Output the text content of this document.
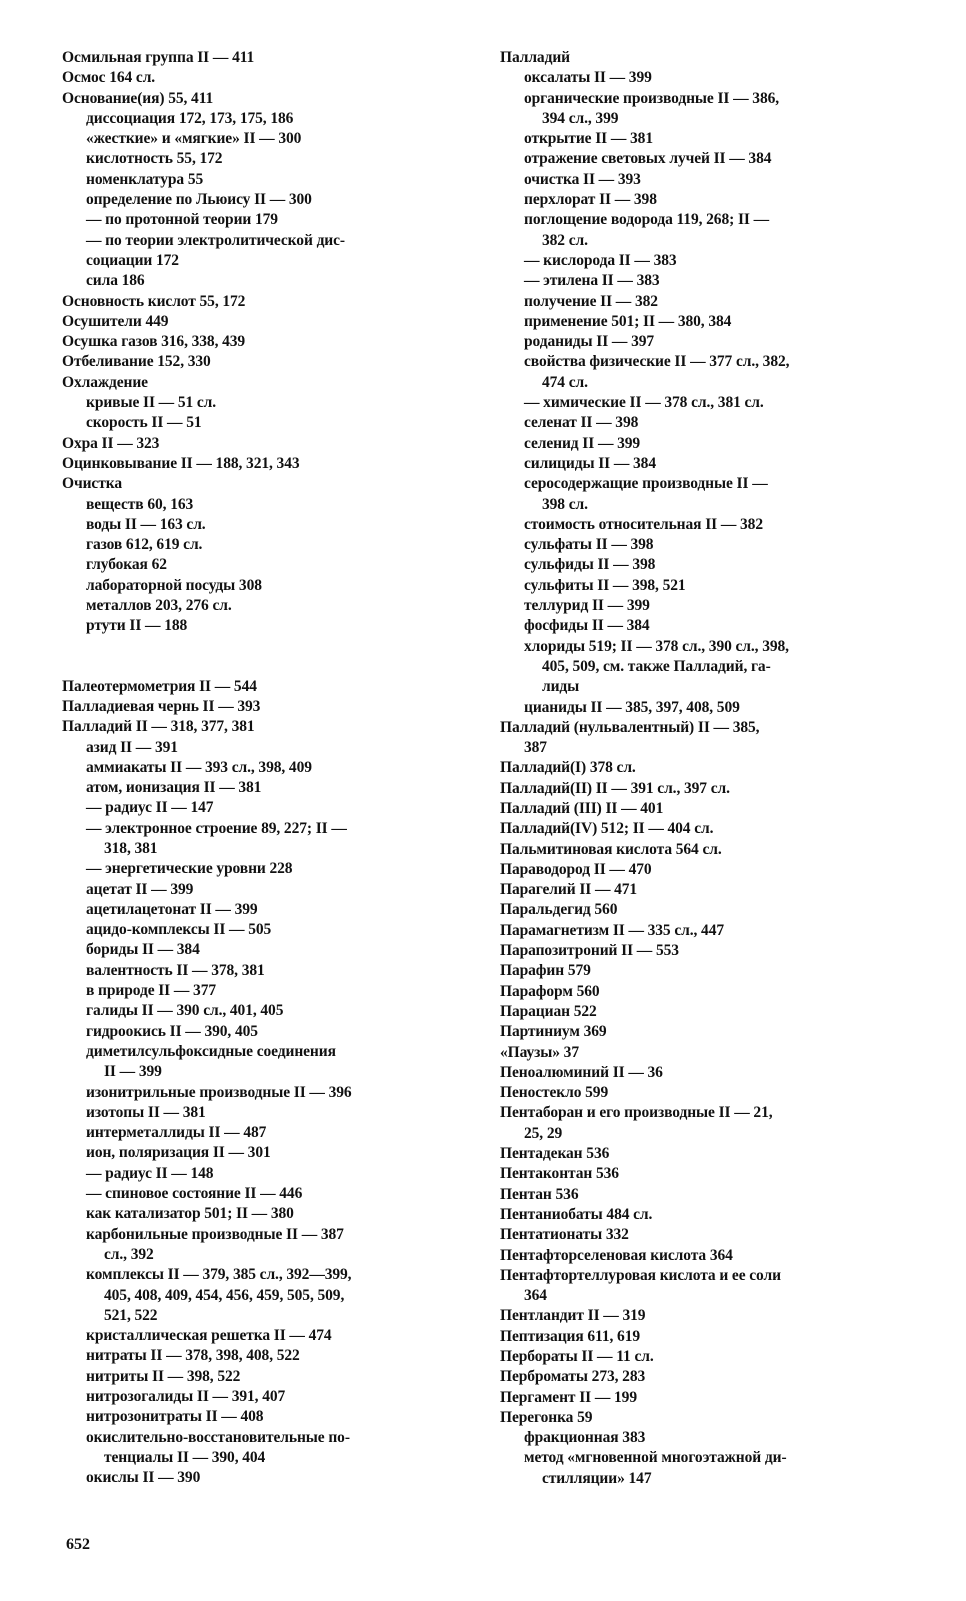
Осмильная группа II — 411
Осмос 164 сл.
Основание(ия) 55, 411
диссоциация 172, 173, 175, 186
«жесткие» и «мягкие» II — 300
кислотность 55, 172
номенклатура 55
определение по Льюису II — 300
— по протонной теории 179
— по теории электролитической дис-
социации 172
сила 186
Основность кислот 55, 172
Осушители 449
Осушка газов 316, 338, 439
Отбеливание 152, 330
Охлаждение
кривые II — 51 сл.
скорость II — 51
Охра II — 323
Оцинковывание II — 188, 321, 343
Очистка
веществ 60, 163
воды II — 163 сл.
газов 612, 619 сл.
глубокая 62
лабораторной посуды 308
металлов 203, 276 сл.
ртути II — 188
Палеотермометрия II — 544
Палладиевая чернь II — 393
Палладий II — 318, 377, 381
азид II — 391
аммиакаты II — 393 сл., 398, 409
атом, ионизация II — 381
— радиус II — 147
— электронное строение 89, 227; II —
318, 381
— энергетические уровни 228
ацетат II — 399
ацетилацетонат II — 399
ацидо-комплексы II — 505
бориды II — 384
валентность II — 378, 381
в природе II — 377
галиды II — 390 сл., 401, 405
гидроокись II — 390, 405
диметилсульфоксидные соединения
II — 399
изонитрильные производные II — 396
изотопы II — 381
интерметаллиды II — 487
ион, поляризация II — 301
— радиус II — 148
— спиновое состояние II — 446
как катализатор 501; II — 380
карбонильные производные II — 387
сл., 392
комплексы II — 379, 385 сл., 392—399,
405, 408, 409, 454, 456, 459, 505, 509,
521, 522
кристаллическая решетка II — 474
нитраты II — 378, 398, 408, 522
нитриты II — 398, 522
нитрозогалиды II — 391, 407
нитрозонитраты II — 408
окислительно-восстановительные по-
тенциалы II — 390, 404
окислы II — 390
Палладий
оксалаты II — 399
органические производные II — 386,
394 сл., 399
открытие II — 381
отражение световых лучей II — 384
очистка II — 393
перхлорат II — 398
поглощение водорода 119, 268; II —
382 сл.
— кислорода II — 383
— этилена II — 383
получение II — 382
применение 501; II — 380, 384
роданиды II — 397
свойства физические II — 377 сл., 382,
474 сл.
— химические II — 378 сл., 381 сл.
селенат II — 398
селенид II — 399
силициды II — 384
серосодержащие производные II —
398 сл.
стоимость относительная II — 382
сульфаты II — 398
сульфиды II — 398
сульфиты II — 398, 521
теллурид II — 399
фосфиды II — 384
хлориды 519; II — 378 сл., 390 сл., 398,
405, 509, см. также Палладий, га-
лиды
цианиды II — 385, 397, 408, 509
Палладий (нульвалентный) II — 385,
387
Палладий(I) 378 сл.
Палладий(II) II — 391 сл., 397 сл.
Палладий (III) II — 401
Палладий(IV) 512; II — 404 сл.
Пальмитиновая кислота 564 сл.
Параводород II — 470
Парагелий II — 471
Паральдегид 560
Парамагнетизм II — 335 сл., 447
Парапозитроний II — 553
Парафин 579
Параформ 560
Парациан 522
Партиниум 369
«Паузы» 37
Пеноалюминий II — 36
Пеностекло 599
Пентаборан и его производные II — 21,
25, 29
Пентадекан 536
Пентаконтан 536
Пентан 536
Пентаниобаты 484 сл.
Пентатионаты 332
Пентафторселеновая кислота 364
Пентафтортеллуровая кислота и ее соли
364
Пентландит II — 319
Пептизация 611, 619
Пербораты II — 11 сл.
Перброматы 273, 283
Пергамент II — 199
Перегонка 59
фракционная 383
метод «мгновенной многоэтажной ди-
стилляции» 147
652
